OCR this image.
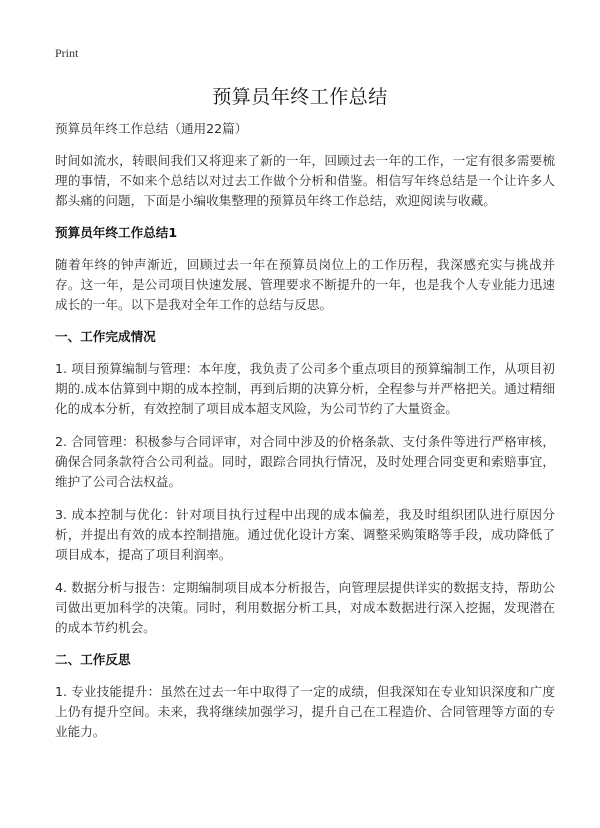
Print
预算员年终工作总结

预算员年终工作总结（通用22篇）

时间如流水，转眼间我们又将迎来了新的一年，回顾过去一年的工作，一定有很多需要梳理的事情，不如来个总结以对过去工作做个分析和借鉴。相信写年终总结是一个让许多人都头痛的问题，下面是小编收集整理的预算员年终工作总结，欢迎阅读与收藏。

预算员年终工作总结1

随着年终的钟声渐近，回顾过去一年在预算员岗位上的工作历程，我深感充实与挑战并存。这一年，是公司项目快速发展、管理要求不断提升的一年，也是我个人专业能力迅速成长的一年。以下是我对全年工作的总结与反思。

一、工作完成情况

1. 项目预算编制与管理：本年度，我负责了公司多个重点项目的预算编制工作，从项目初期的.成本估算到中期的成本控制，再到后期的决算分析，全程参与并严格把关。通过精细化的成本分析，有效控制了项目成本超支风险，为公司节约了大量资金。

2. 合同管理：积极参与合同评审，对合同中涉及的价格条款、支付条件等进行严格审核，确保合同条款符合公司利益。同时，跟踪合同执行情况，及时处理合同变更和索赔事宜，维护了公司合法权益。

3. 成本控制与优化：针对项目执行过程中出现的成本偏差，我及时组织团队进行原因分析，并提出有效的成本控制措施。通过优化设计方案、调整采购策略等手段，成功降低了项目成本，提高了项目利润率。

4. 数据分析与报告：定期编制项目成本分析报告，向管理层提供详实的数据支持，帮助公司做出更加科学的决策。同时，利用数据分析工具，对成本数据进行深入挖掘，发现潜在的成本节约机会。

二、工作反思

1. 专业技能提升：虽然在过去一年中取得了一定的成绩，但我深知在专业知识深度和广度上仍有提升空间。未来，我将继续加强学习，提升自己在工程造价、合同管理等方面的专业能力。
